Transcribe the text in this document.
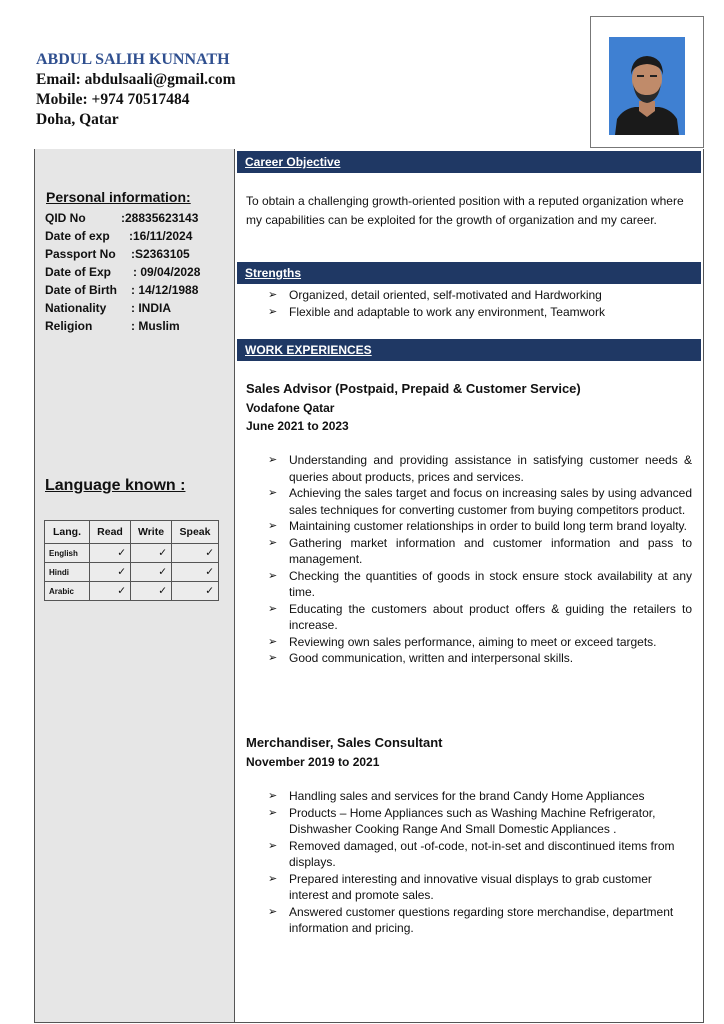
ABDUL SALIH KUNNATH
Email: abdulsaali@gmail.com
Mobile: +974 70517484
Doha, Qatar
Personal information:
QID No	:28835623143
Date of exp :16/11/2024
Passport No :S2363105
Date of Exp : 09/04/2028
Date of Birth : 14/12/1988
Nationality : INDIA
Religion	: Muslim
Language known :
Lang.	Read	Write	Speak
English	✓	✓	✓
Hindi	✓	✓	✓
Arabic	✓	✓	✓
Career Objective
To obtain a challenging growth-oriented position with a reputed organization where my capabilities can be exploited for the growth of organization and my career.
Strengths
➢ Organized, detail oriented, self-motivated and Hardworking
➢ Flexible and adaptable to work any environment, Teamwork
WORK EXPERIENCES
Sales Advisor (Postpaid, Prepaid & Customer Service)
Vodafone Qatar
June 2021 to 2023
➢ Understanding and providing assistance in satisfying customer needs & queries about products, prices and services.
➢ Achieving the sales target and focus on increasing sales by using advanced sales techniques for converting customer from buying competitors product.
➢ Maintaining customer relationships in order to build long term brand loyalty.
➢ Gathering market information and customer information and pass to management.
➢ Checking the quantities of goods in stock ensure stock availability at any time.
➢ Educating the customers about product offers & guiding the retailers to increase.
➢ Reviewing own sales performance, aiming to meet or exceed targets.
➢ Good communication, written and interpersonal skills.
Merchandiser, Sales Consultant
November 2019 to 2021
➢ Handling sales and services for the brand Candy Home Appliances
➢ Products – Home Appliances such as Washing Machine Refrigerator, Dishwasher Cooking Range And Small Domestic Appliances .
➢ Removed damaged, out -of-code, not-in-set and discontinued items from displays.
➢ Prepared interesting and innovative visual displays to grab customer interest and promote sales.
➢ Answered customer questions regarding store merchandise, department information and pricing.
